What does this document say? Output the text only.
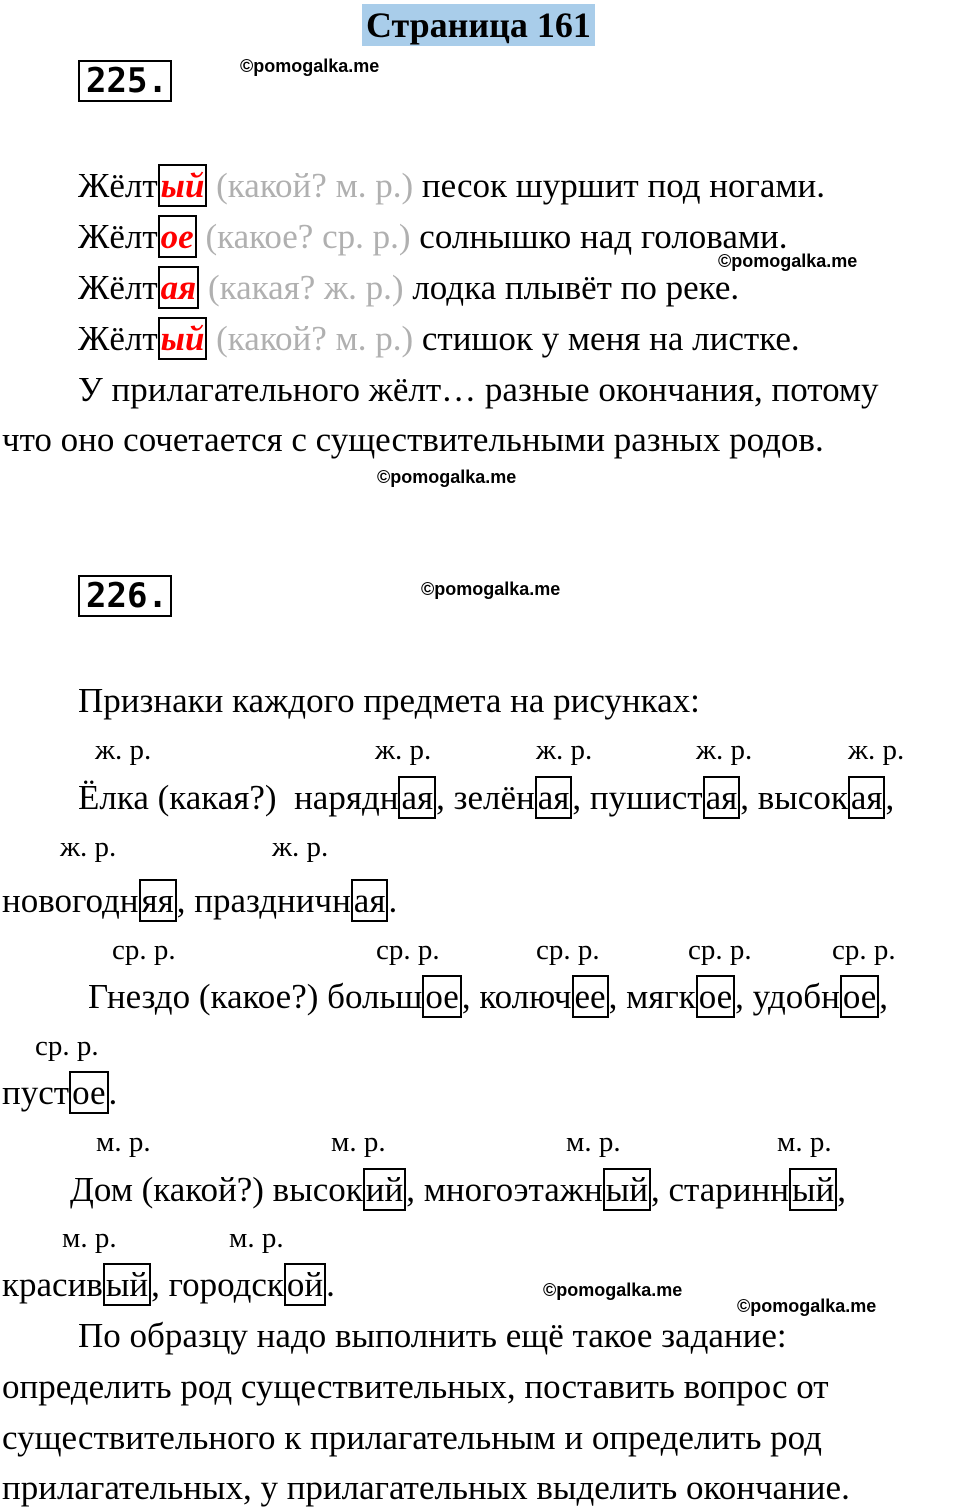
Страница 161
225.	©pomogalka.me
Жёлтый (какой? м. р.) песок шуршит под ногами.
Жёлтое (какое? ср. р.) солнышко над головами.
©pomogalka.me
Жёлтая (какая? ж. р.) лодка плывёт по реке.
Жёлтый (какой? м. р.) стишок у меня на листке.
У прилагательного жёлт… разные окончания, потому
что оно сочетается с существительными разных родов.
©pomogalka.me
226.	©pomogalka.me
Признаки каждого предмета на рисунках:
ж. р.	ж. р.	ж. р.	ж. р.	ж. р.
Ёлка (какая?) нарядная, зелёная, пушистая, высокая,
ж. р.	ж. р.
новогодняя, праздничная.
ср. р.	ср. р.	ср. р.	ср. р.	ср. р.
Гнездо (какое?) большое, колючее, мягкое, удобное,
ср. р.
пустое.
м. р.	м. р.	м. р.	м. р.
Дом (какой?) высокий, многоэтажный, старинный,
м. р.	м. р.
красивый, городской.	©pomogalka.me
©pomogalka.me
По образцу надо выполнить ещё такое задание:
определить род существительных, поставить вопрос от
существительного к прилагательным и определить род
прилагательных, у прилагательных выделить окончание.
